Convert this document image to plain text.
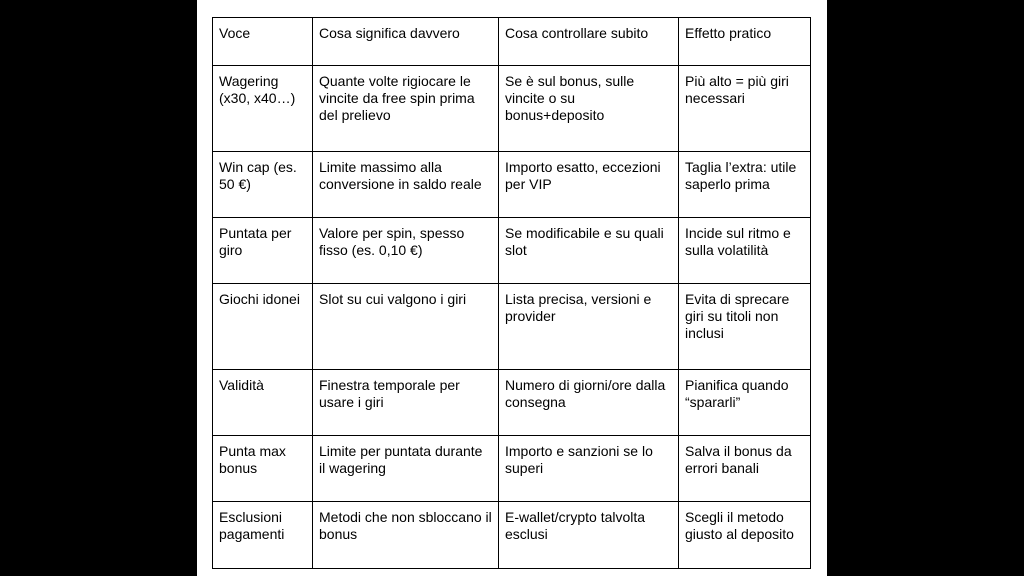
Voce	Cosa significa davvero	Cosa controllare subito	Effetto pratico
Wagering (x30, x40…)	Quante volte rigiocare le vincite da free spin prima del prelievo	Se è sul bonus, sulle vincite o su bonus+deposito	Più alto = più giri necessari
Win cap (es. 50 €)	Limite massimo alla conversione in saldo reale	Importo esatto, eccezioni per VIP	Taglia l’extra: utile saperlo prima
Puntata per giro	Valore per spin, spesso fisso (es. 0,10 €)	Se modificabile e su quali slot	Incide sul ritmo e sulla volatilità
Giochi idonei	Slot su cui valgono i giri	Lista precisa, versioni e provider	Evita di sprecare giri su titoli non inclusi
Validità	Finestra temporale per usare i giri	Numero di giorni/ore dalla consegna	Pianifica quando “spararli”
Punta max bonus	Limite per puntata durante il wagering	Importo e sanzioni se lo superi	Salva il bonus da errori banali
Esclusioni pagamenti	Metodi che non sbloccano il bonus	E-wallet/crypto talvolta esclusi	Scegli il metodo giusto al deposito
